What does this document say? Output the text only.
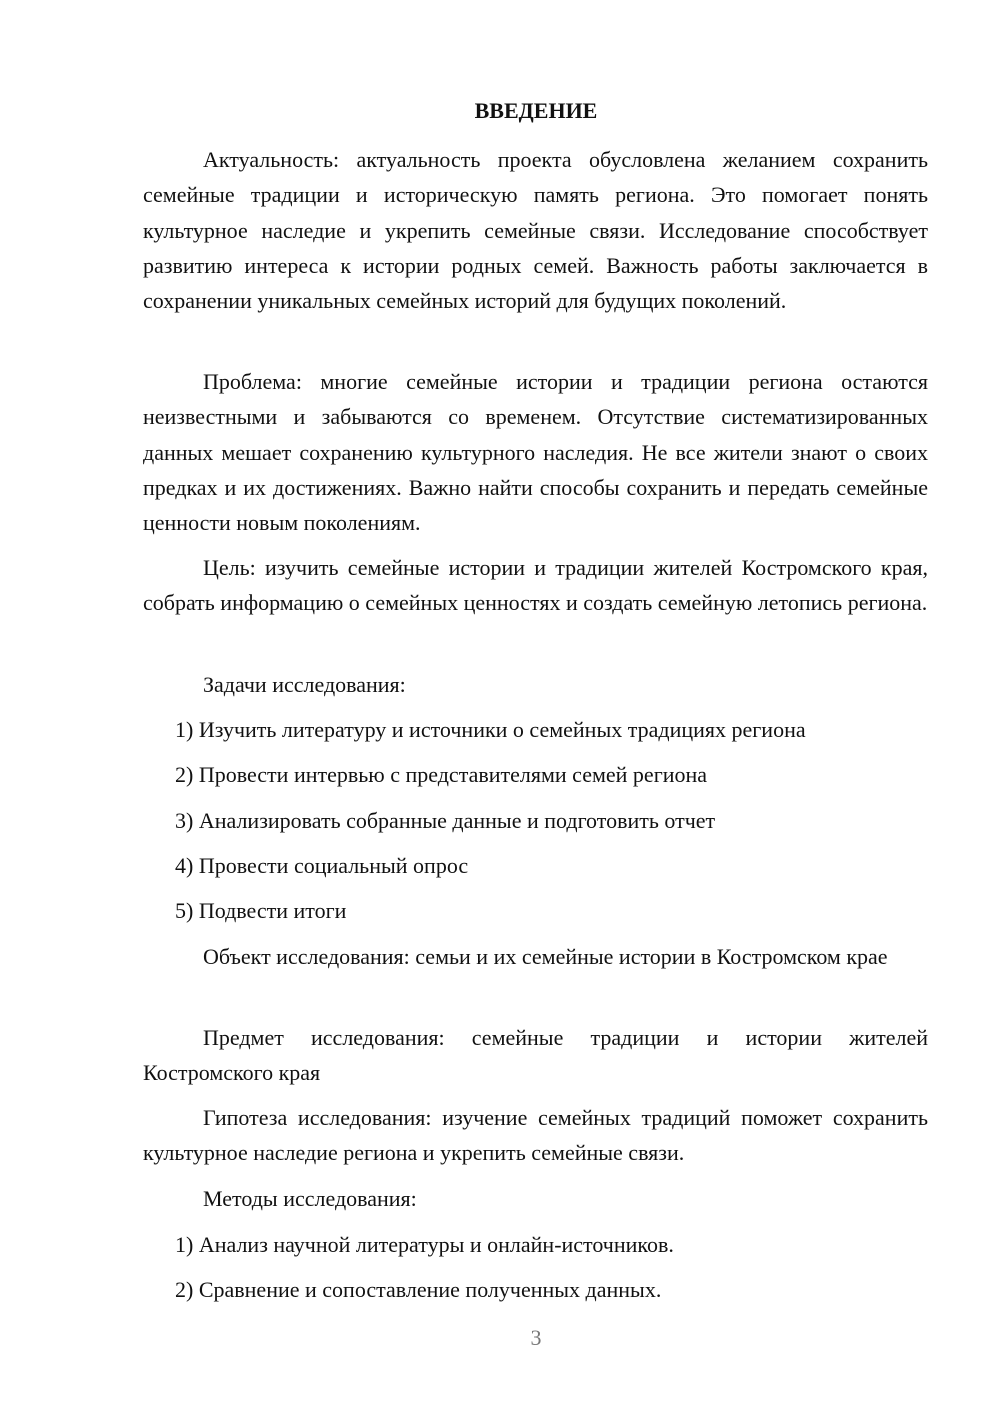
ВВЕДЕНИЕ

Актуальность: актуальность проекта обусловлена желанием сохранить семейные традиции и историческую память региона. Это помогает понять культурное наследие и укрепить семейные связи. Исследование способствует развитию интереса к истории родных семей. Важность работы заключается в сохранении уникальных семейных историй для будущих поколений.

Проблема: многие семейные истории и традиции региона остаются неизвестными и забываются со временем. Отсутствие систематизированных данных мешает сохранению культурного наследия. Не все жители знают о своих предках и их достижениях. Важно найти способы сохранить и передать семейные ценности новым поколениям.

Цель: изучить семейные истории и традиции жителей Костромского края, собрать информацию о семейных ценностях и создать семейную летопись региона.

Задачи исследования:

1) Изучить литературу и источники о семейных традициях региона
2) Провести интервью с представителями семей региона
3) Анализировать собранные данные и подготовить отчет
4) Провести социальный опрос
5) Подвести итоги

Объект исследования: семьи и их семейные истории в Костромском крае

Предмет исследования: семейные традиции и истории жителей Костромского края

Гипотеза исследования: изучение семейных традиций поможет сохранить культурное наследие региона и укрепить семейные связи.

Методы исследования:

1) Анализ научной литературы и онлайн-источников.
2) Сравнение и сопоставление полученных данных.
3
